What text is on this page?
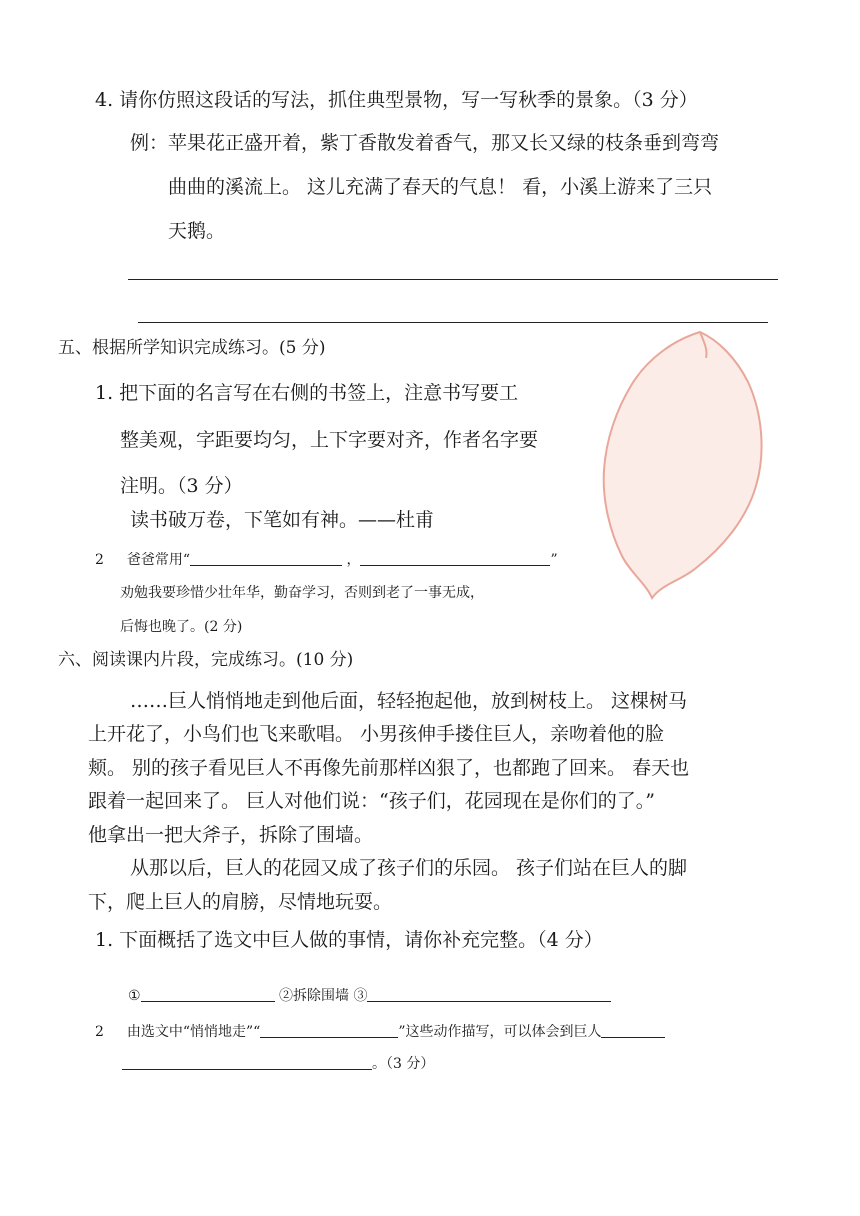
4. 请你仿照这段话的写法，抓住典型景物，写一写秋季的景象。（3 分）
例：苹果花正盛开着，紫丁香散发着香气，那又长又绿的枝条垂到弯弯
曲曲的溪流上。 这儿充满了春天的气息！ 看，小溪上游来了三只
天鹅。
五、根据所学知识完成练习。(5 分)
1. 把下面的名言写在右侧的书签上，注意书写要工
整美观，字距要均匀，上下字要对齐，作者名字要
注明。（3 分）
读书破万卷，下笔如有神。——杜甫
2 爸爸常用“	，	”
劝勉我要珍惜少壮年华，勤奋学习，否则到老了一事无成，
后悔也晚了。(2 分)
六、阅读课内片段，完成练习。(10 分)
……巨人悄悄地走到他后面，轻轻抱起他，放到树枝上。 这棵树马
上开花了，小鸟们也飞来歌唱。 小男孩伸手搂住巨人，亲吻着他的脸
颊。 别的孩子看见巨人不再像先前那样凶狠了，也都跑了回来。 春天也
跟着一起回来了。 巨人对他们说：“孩子们，花园现在是你们的了。”
他拿出一把大斧子，拆除了围墙。
从那以后，巨人的花园又成了孩子们的乐园。 孩子们站在巨人的脚
下，爬上巨人的肩膀，尽情地玩耍。
1. 下面概括了选文中巨人做的事情，请你补充完整。（4 分）
①	②拆除围墙 ③
2 由选文中“悄悄地走”“	”这些动作描写，可以体会到巨人
。（3 分）
